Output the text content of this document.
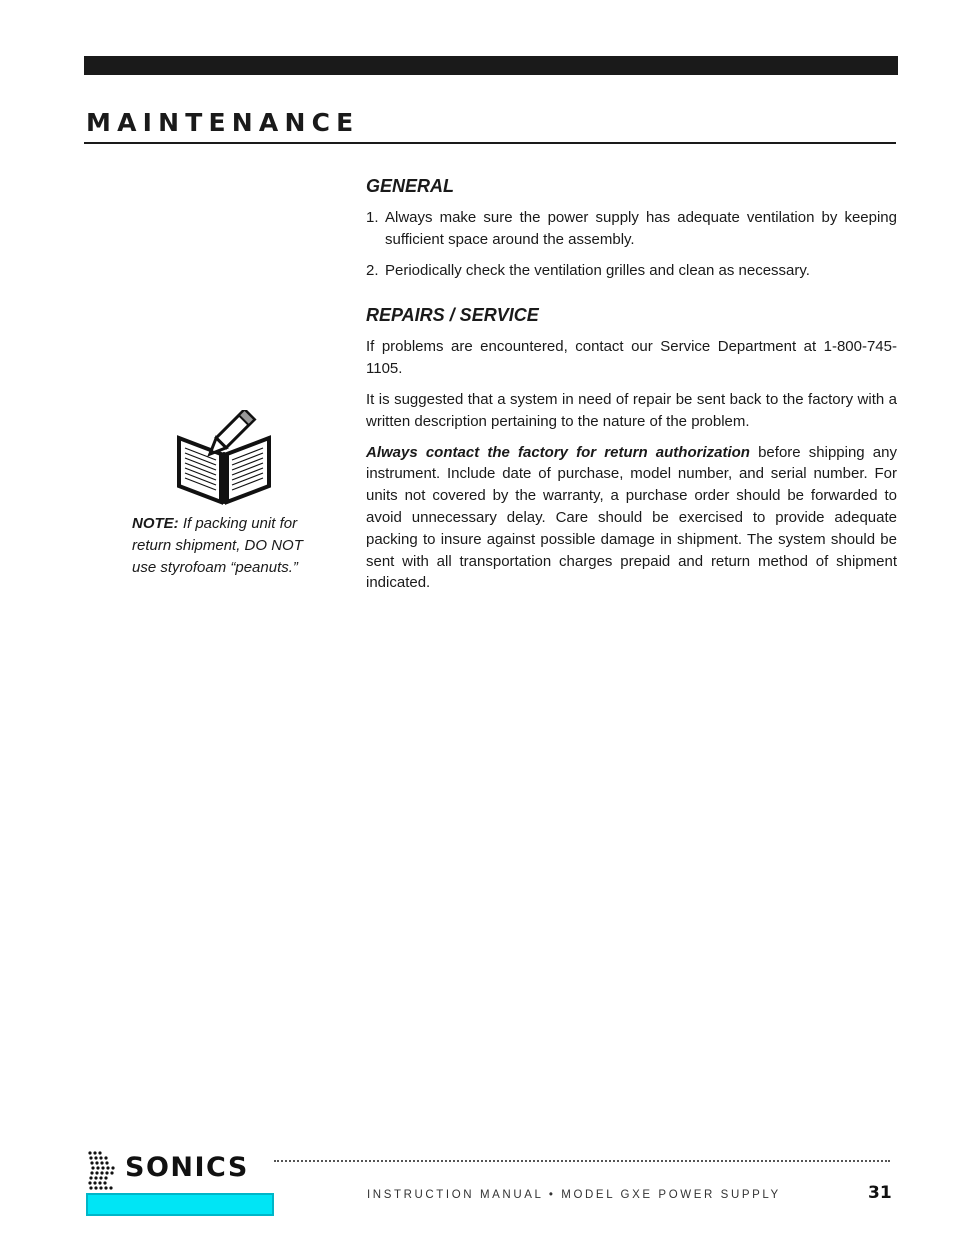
MAINTENANCE
GENERAL
1. Always make sure the power supply has adequate ventilation by keeping sufficient space around the assembly.
2. Periodically check the ventilation grilles and clean as necessary.
REPAIRS / SERVICE

If problems are encountered, contact our Service Department at 1-800-745-1105.

It is suggested that a system in need of repair be sent back to the factory with a written description pertaining to the nature of the problem.

Always contact the factory for return authorization before shipping any instrument. Include date of purchase, model number, and serial number. For units not covered by the warranty, a purchase order should be forwarded to avoid unnecessary delay. Care should be exercised to provide adequate packing to insure against possible damage in shipment. The system should be sent with all transportation charges prepaid and return method of shipment indicated.

NOTE: If packing unit for return shipment, DO NOT use styrofoam “peanuts.”
SONICS
INSTRUCTION MANUAL • MODEL GXE POWER SUPPLY	31
